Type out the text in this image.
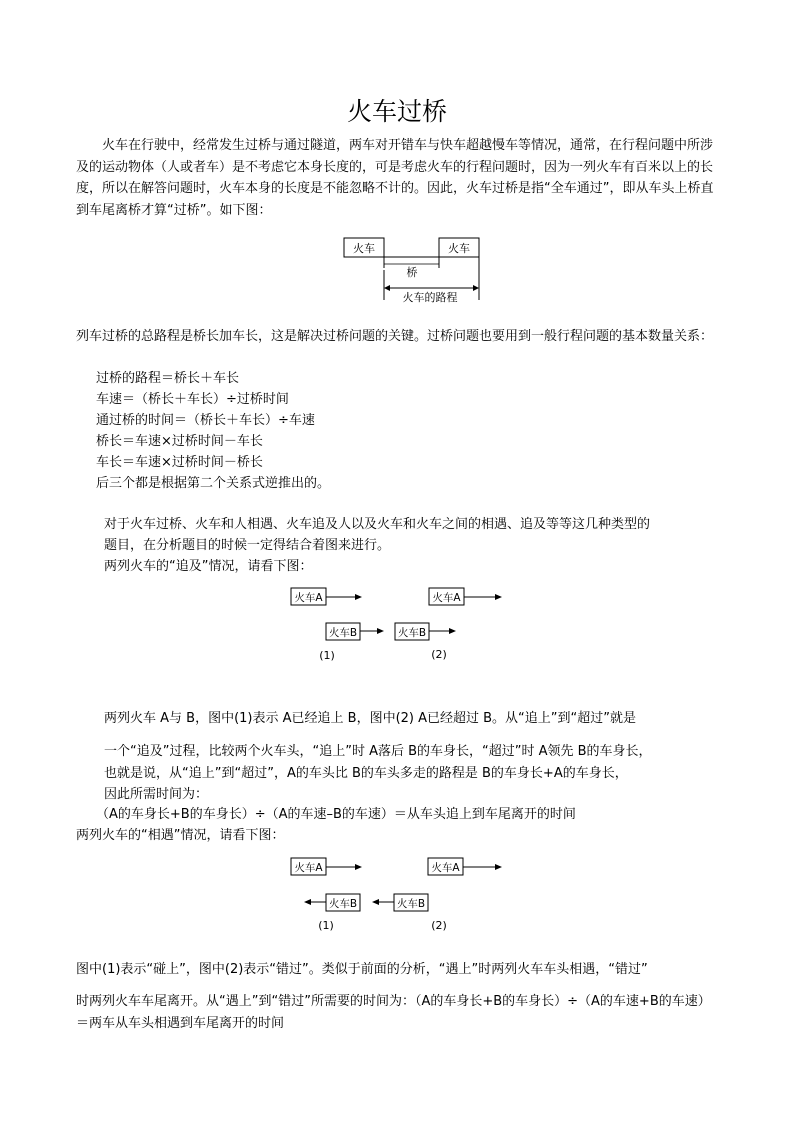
火车过桥
火车在行驶中，经常发生过桥与通过隧道，两车对开错车与快车超越慢车等情况，通常，在行程问题中所涉及的运动物体（人或者车）是不考虑它本身长度的，可是考虑火车的行程问题时，因为一列火车有百米以上的长度，所以在解答问题时，火车本身的长度是不能忽略不计的。因此，火车过桥是指“全车通过”，即从车头上桥直到车尾离桥才算“过桥”。如下图：
火车	火车
桥
火车的路程
列车过桥的总路程是桥长加车长，这是解决过桥问题的关键。过桥问题也要用到一般行程问题的基本数量关系：
过桥的路程＝桥长＋车长
车速＝（桥长＋车长）÷过桥时间
通过桥的时间＝（桥长＋车长）÷车速
桥长＝车速×过桥时间－车长
车长＝车速×过桥时间－桥长
后三个都是根据第二个关系式逆推出的。
对于火车过桥、火车和人相遇、火车追及人以及火车和火车之间的相遇、追及等等这几种类型的
题目，在分析题目的时候一定得结合着图来进行。
两列火车的“追及”情况，请看下图：
火车A	火车A
火车B	火车B
(1)	(2)
两列火车 A与 B，图中(1)表示 A已经追上 B，图中(2) A已经超过 B。从“追上”到“超过”就是
一个“追及”过程，比较两个火车头，“追上”时 A落后 B的车身长，“超过”时 A领先 B的车身长，
也就是说，从“追上”到“超过”，A的车头比 B的车头多走的路程是 B的车身长+A的车身长，
因此所需时间为：
（A的车身长+B的车身长）÷（A的车速–B的车速）＝从车头追上到车尾离开的时间
两列火车的“相遇”情况，请看下图：
火车A	火车A
火车B	火车B
(1)	(2)
图中(1)表示“碰上”，图中(2)表示“错过”。类似于前面的分析，“遇上”时两列火车车头相遇，“错过”
时两列火车车尾离开。从“遇上”到“错过”所需要的时间为：（A的车身长+B的车身长）÷（A的车速+B的车速）＝两车从车头相遇到车尾离开的时间
